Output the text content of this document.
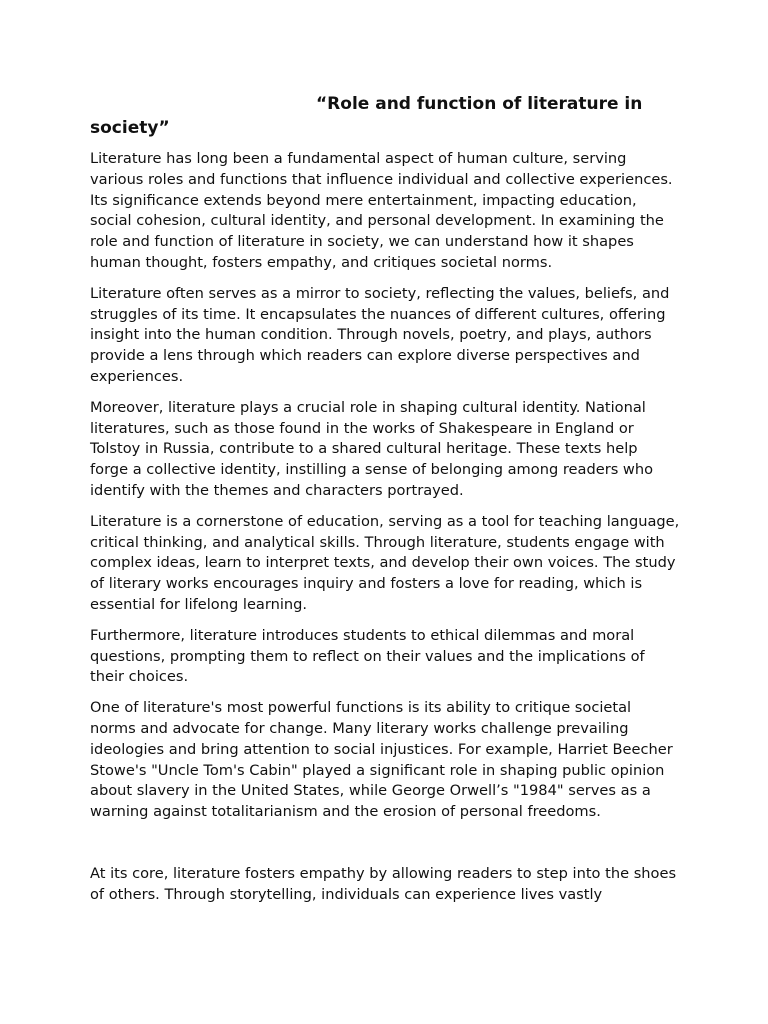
“Role and function of literature in society”

Literature has long been a fundamental aspect of human culture, serving various roles and functions that influence individual and collective experiences. Its significance extends beyond mere entertainment, impacting education, social cohesion, cultural identity, and personal development. In examining the role and function of literature in society, we can understand how it shapes human thought, fosters empathy, and critiques societal norms.

Literature often serves as a mirror to society, reflecting the values, beliefs, and struggles of its time. It encapsulates the nuances of different cultures, offering insight into the human condition. Through novels, poetry, and plays, authors provide a lens through which readers can explore diverse perspectives and experiences.

Moreover, literature plays a crucial role in shaping cultural identity. National literatures, such as those found in the works of Shakespeare in England or Tolstoy in Russia, contribute to a shared cultural heritage. These texts help forge a collective identity, instilling a sense of belonging among readers who identify with the themes and characters portrayed.

Literature is a cornerstone of education, serving as a tool for teaching language, critical thinking, and analytical skills. Through literature, students engage with complex ideas, learn to interpret texts, and develop their own voices. The study of literary works encourages inquiry and fosters a love for reading, which is essential for lifelong learning.

Furthermore, literature introduces students to ethical dilemmas and moral questions, prompting them to reflect on their values and the implications of their choices.

One of literature's most powerful functions is its ability to critique societal norms and advocate for change. Many literary works challenge prevailing ideologies and bring attention to social injustices. For example, Harriet Beecher Stowe's "Uncle Tom's Cabin" played a significant role in shaping public opinion about slavery in the United States, while George Orwell’s "1984" serves as a warning against totalitarianism and the erosion of personal freedoms.

At its core, literature fosters empathy by allowing readers to step into the shoes of others. Through storytelling, individuals can experience lives vastly
